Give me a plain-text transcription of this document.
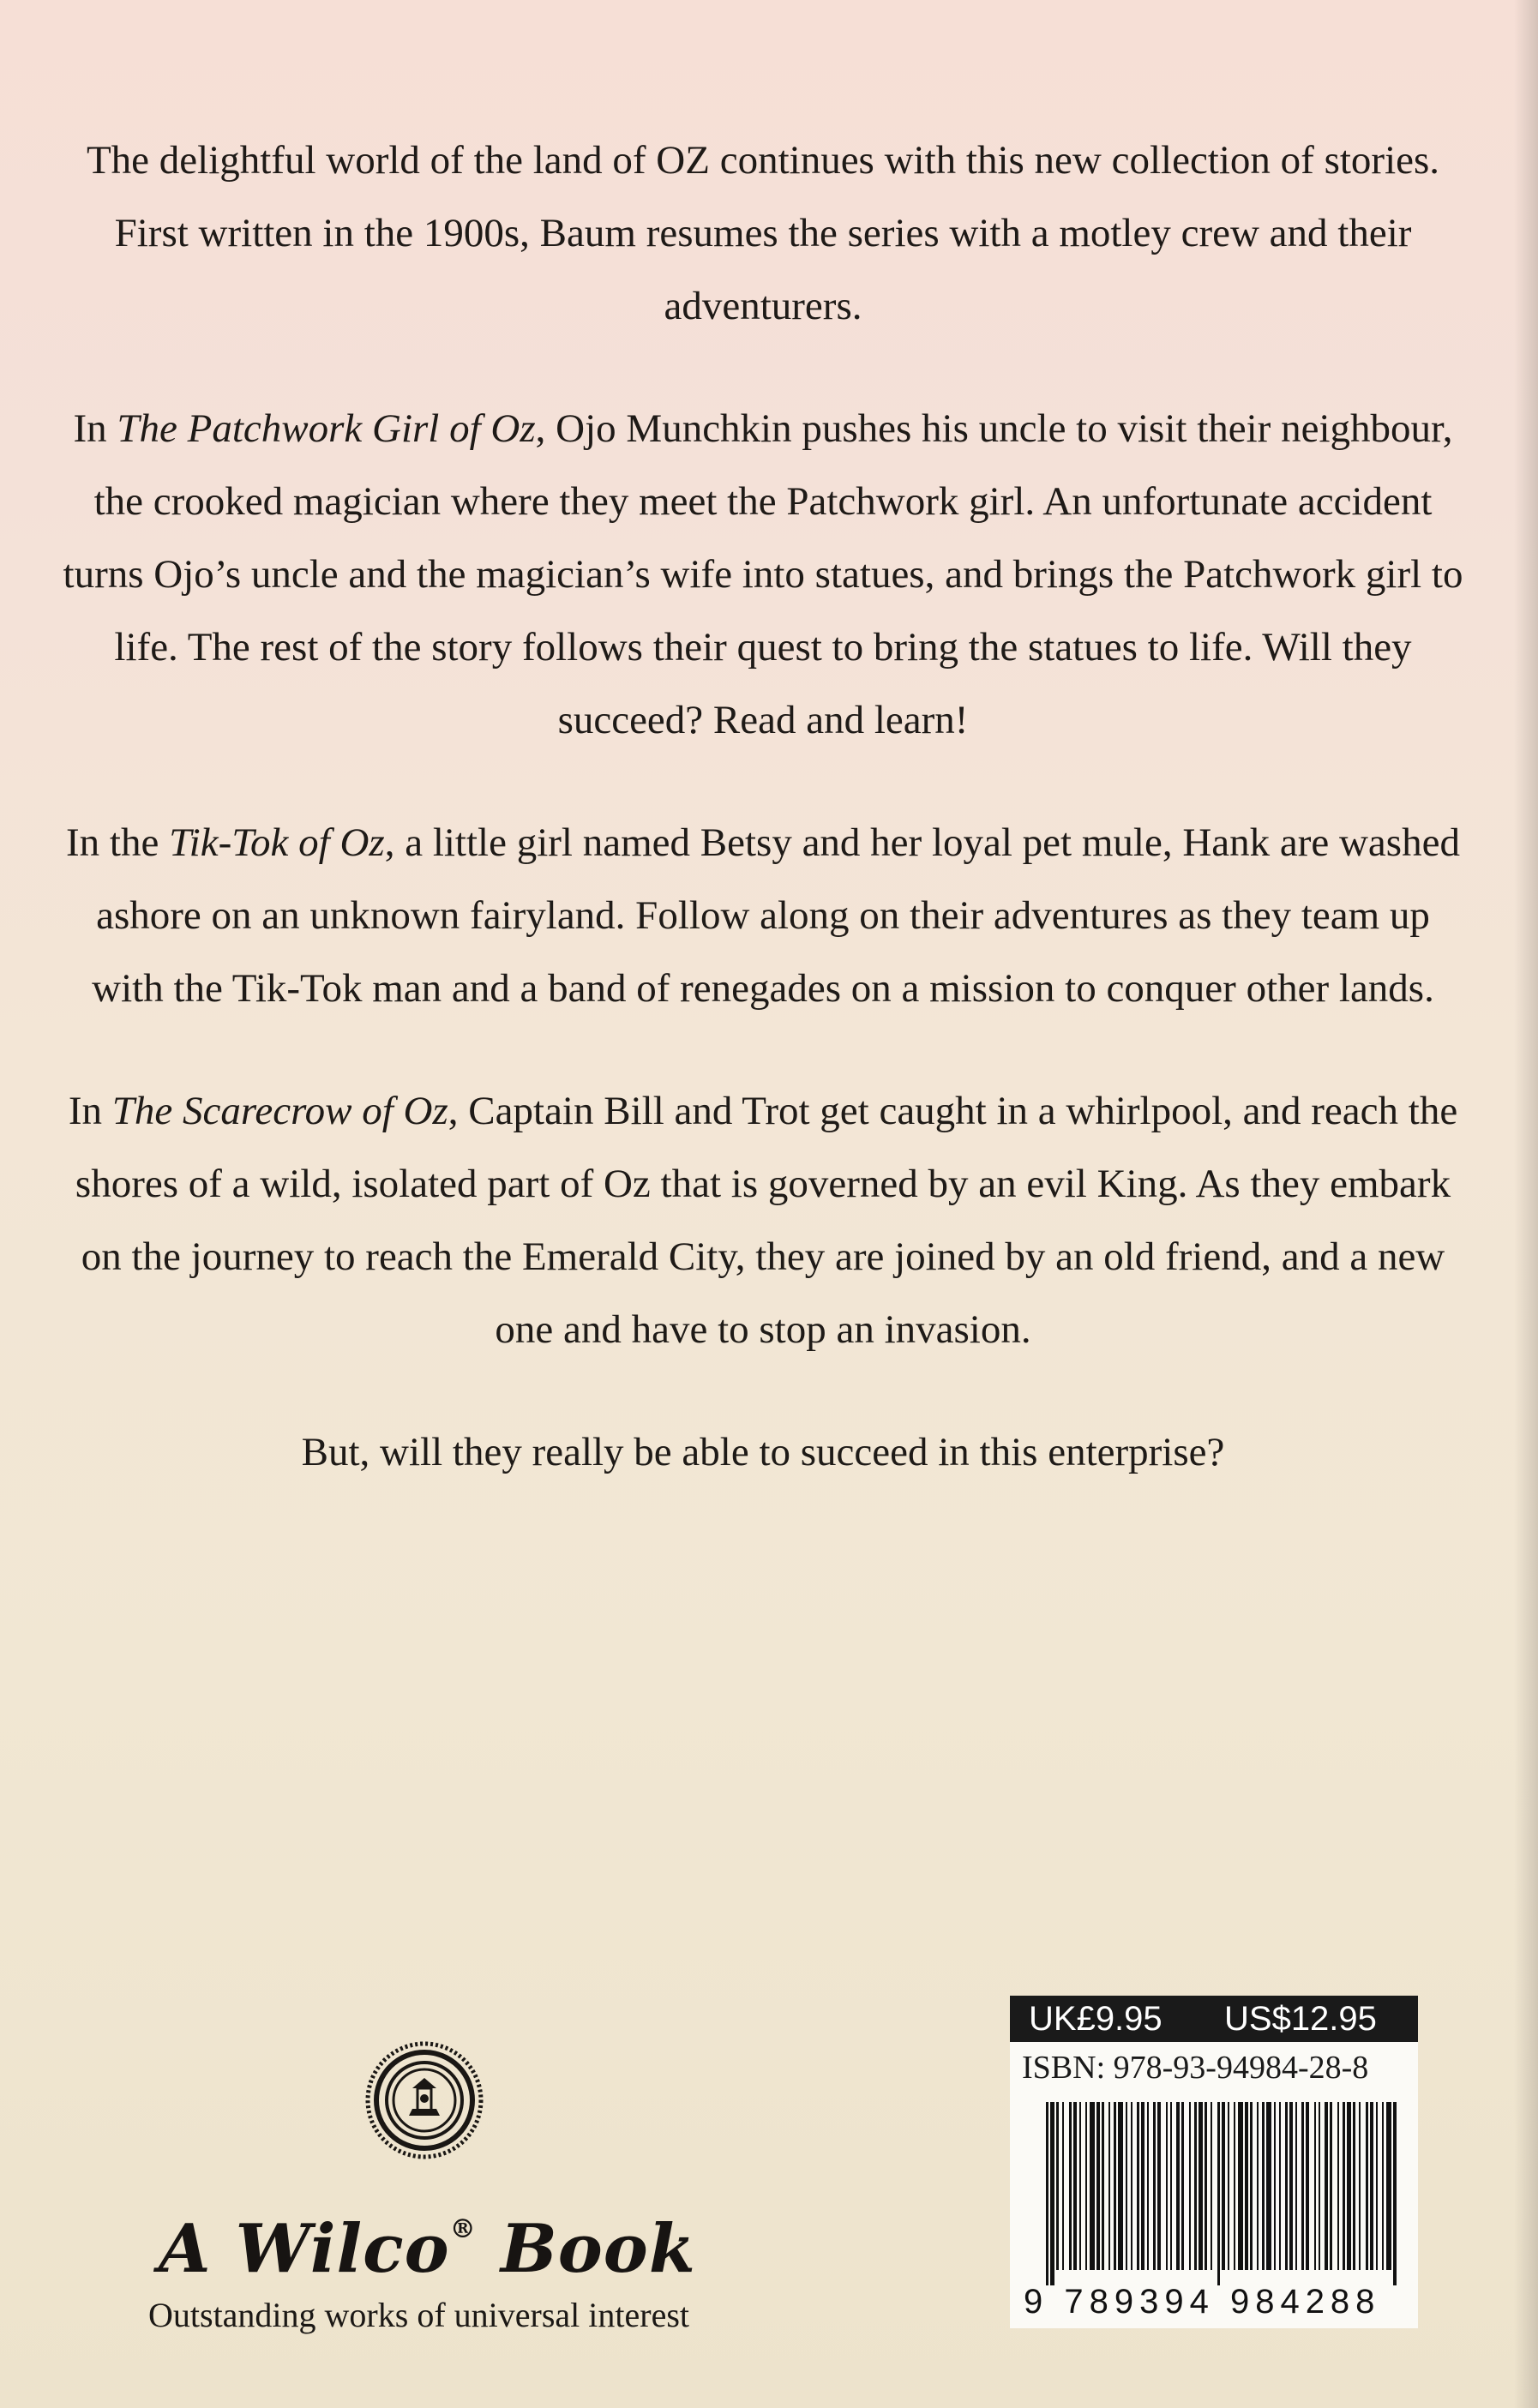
The delightful world of the land of OZ continues with this new collection of stories. First written in the 1900s, Baum resumes the series with a motley crew and their adventurers.

In The Patchwork Girl of Oz, Ojo Munchkin pushes his uncle to visit their neighbour, the crooked magician where they meet the Patchwork girl. An unfortunate accident turns Ojo’s uncle and the magician’s wife into statues, and brings the Patchwork girl to life. The rest of the story follows their quest to bring the statues to life. Will they succeed? Read and learn!

In the Tik-Tok of Oz, a little girl named Betsy and her loyal pet mule, Hank are washed ashore on an unknown fairyland. Follow along on their adventures as they team up with the Tik-Tok man and a band of renegades on a mission to conquer other lands.

In The Scarecrow of Oz, Captain Bill and Trot get caught in a whirlpool, and reach the shores of a wild, isolated part of Oz that is governed by an evil King. As they embark on the journey to reach the Emerald City, they are joined by an old friend, and a new one and have to stop an invasion.

But, will they really be able to succeed in this enterprise?

A Wilco® Book
Outstanding works of universal interest
UK£9.95 US$12.95
ISBN: 978-93-94984-28-8
9 789394 984288
